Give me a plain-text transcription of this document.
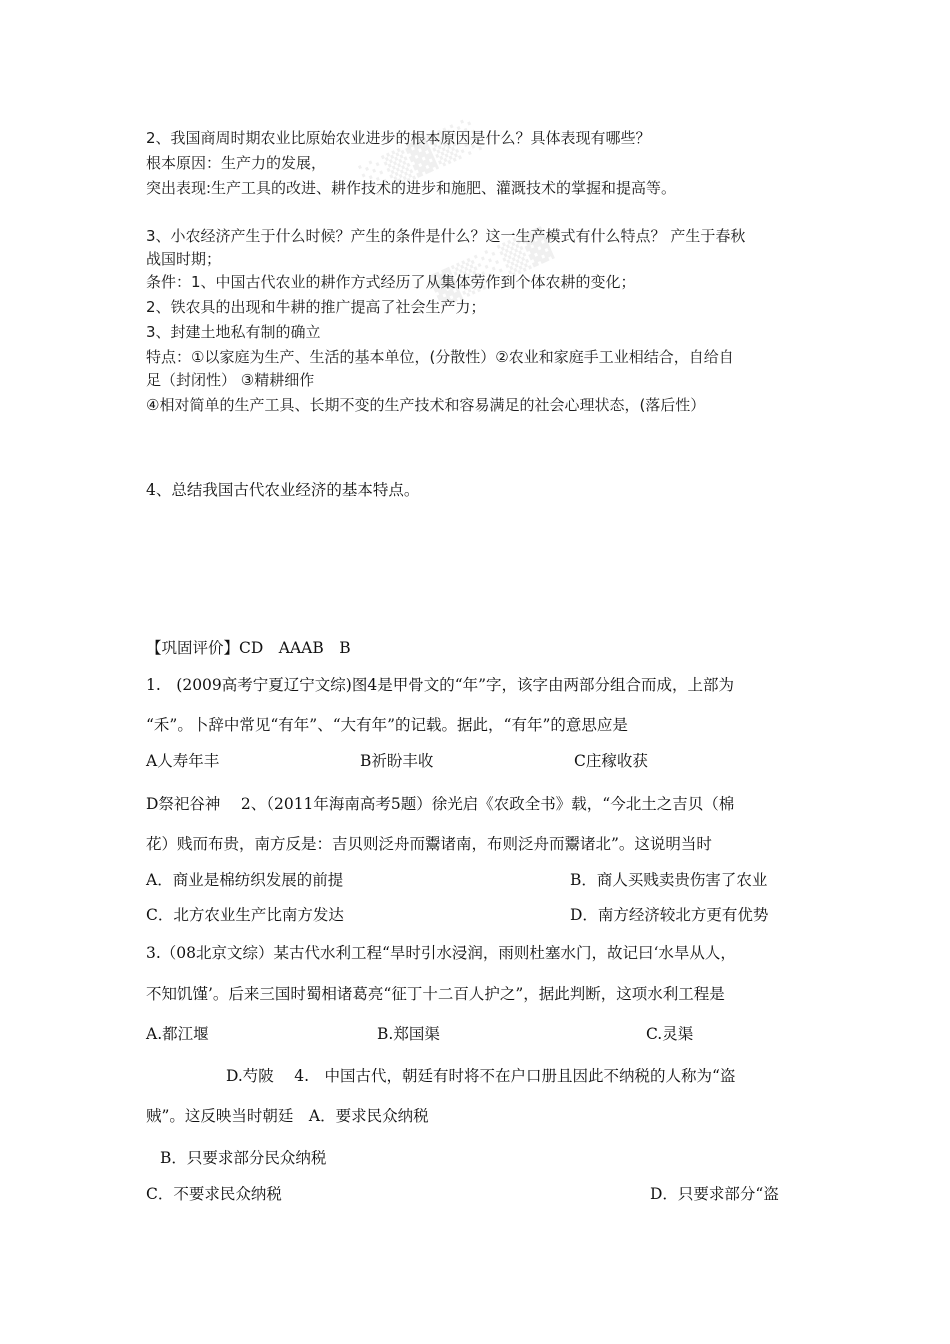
▓▒░▒▓
░▒▓▒░
2、我国商周时期农业比原始农业进步的根本原因是什么？具体表现有哪些？
根本原因：生产力的发展，
突出表现:生产工具的改进、耕作技术的进步和施肥、灌溉技术的掌握和提高等。
3、小农经济产生于什么时候？产生的条件是什么？这一生产模式有什么特点？ 产生于春秋
战国时期；
条件：1、中国古代农业的耕作方式经历了从集体劳作到个体农耕的变化；
2、铁农具的出现和牛耕的推广提高了社会生产力；
3、封建土地私有制的确立
特点：①以家庭为生产、生活的基本单位，(分散性）②农业和家庭手工业相结合，自给自
足（封闭性） ③精耕细作
④相对简单的生产工具、长期不变的生产技术和容易满足的社会心理状态，(落后性）
4、总结我国古代农业经济的基本特点。
【巩固评价】CD　AAAB　B
1.　(2009高考宁夏辽宁文综)图4是甲骨文的“年”字，该字由两部分组合而成，上部为
“禾”。卜辞中常见“有年”、“大有年”的记载。据此，“有年”的意思应是
A人寿年丰	B祈盼丰收	C庄稼收获
D祭祀谷神　 2、（2011年海南高考5题）徐光启《农政全书》载，“今北土之吉贝（棉
花）贱而布贵，南方反是：吉贝则泛舟而鬻诸南，布则泛舟而鬻诸北”。这说明当时
A．商业是棉纺织发展的前提	B．商人买贱卖贵伤害了农业
C．北方农业生产比南方发达	D．南方经济较北方更有优势
3.（08北京文综）某古代水利工程“旱时引水浸润，雨则杜塞水门，故记曰‘水旱从人，
不知饥馑’。后来三国时蜀相诸葛亮“征丁十二百人护之”，据此判断，这项水利工程是
A.都江堰	B.郑国渠	C.灵渠
D.芍陂　 4.　中国古代，朝廷有时将不在户口册且因此不纳税的人称为“盗
贼”。这反映当时朝廷　A．要求民众纳税
B．只要求部分民众纳税
C．不要求民众纳税	D．只要求部分“盗
